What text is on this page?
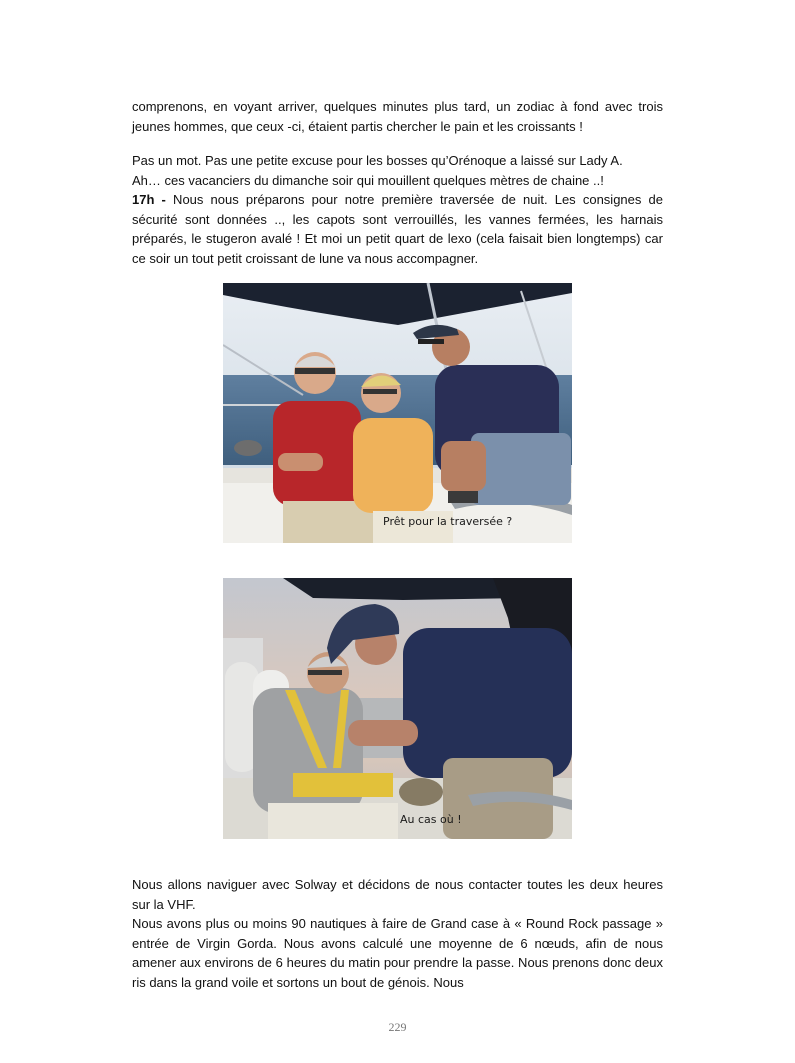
comprenons, en voyant arriver, quelques minutes plus tard, un zodiac à fond avec trois jeunes hommes, que ceux -ci, étaient partis chercher le pain et les croissants !

Pas un mot. Pas une petite excuse pour les bosses qu’Orénoque a laissé sur Lady A.
Ah… ces vacanciers du dimanche soir qui mouillent quelques mètres de chaine ..!
17h - Nous nous préparons pour notre première traversée de nuit. Les consignes de sécurité sont données .., les capots sont verrouillés, les vannes fermées, les harnais préparés, le stugeron avalé ! Et moi un petit quart de lexo (cela faisait bien longtemps) car ce soir un tout petit croissant de lune va nous accompagner.

Prêt pour la traversée ?
Au cas où !

Nous allons naviguer avec Solway et décidons de nous contacter toutes les deux heures sur la VHF.
Nous avons plus ou moins 90 nautiques à faire de Grand case à « Round Rock passage » entrée de Virgin Gorda. Nous avons calculé une moyenne de 6 nœuds, afin de nous amener aux environs de 6 heures du matin pour prendre la passe. Nous prenons donc deux ris dans la grand voile et sortons un bout de génois. Nous

229
